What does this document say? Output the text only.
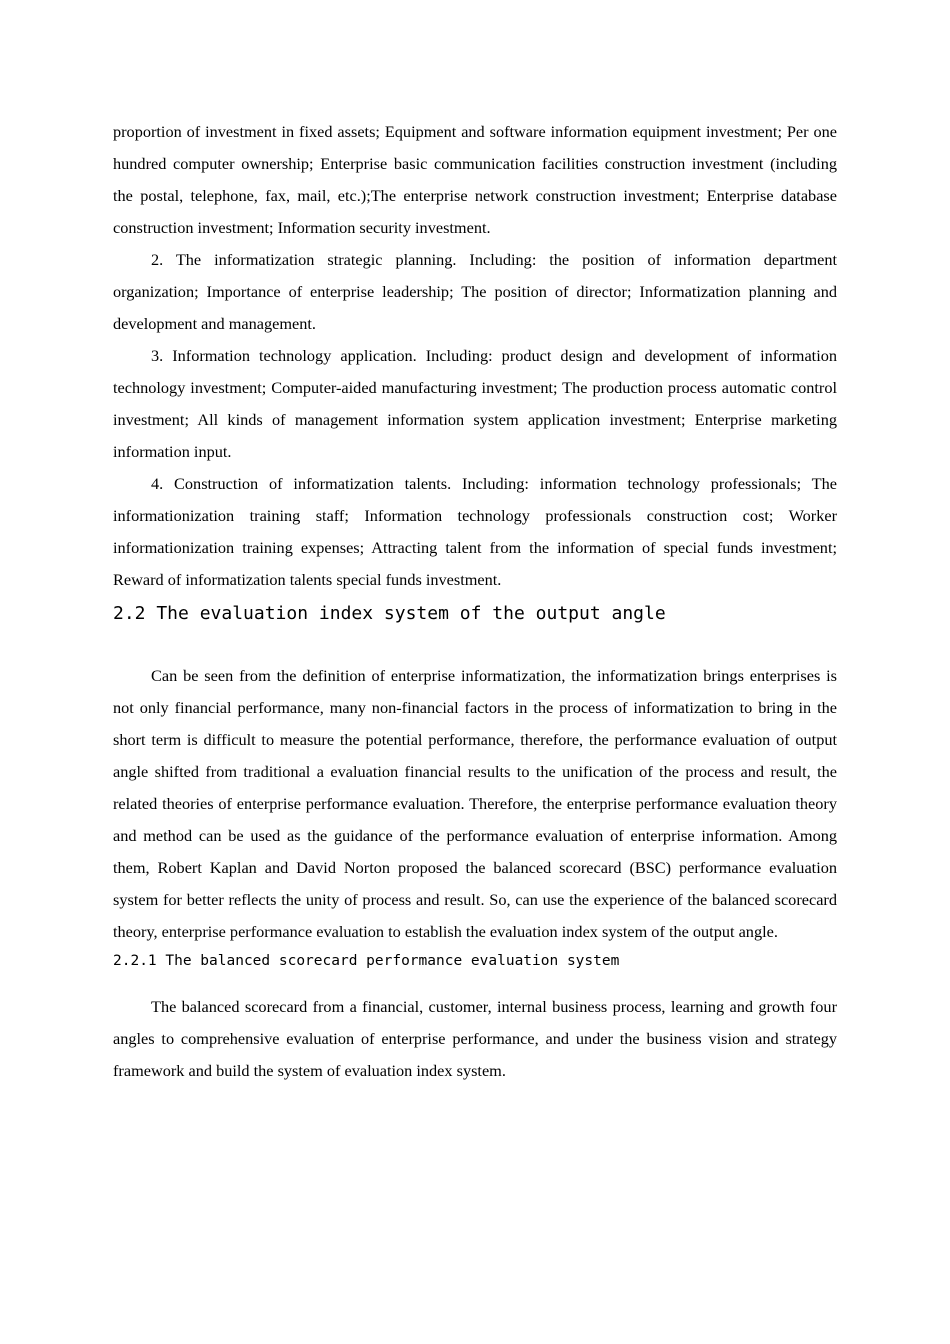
proportion of investment in fixed assets; Equipment and software information equipment investment; Per one hundred computer ownership; Enterprise basic communication facilities construction investment (including the postal, telephone, fax, mail, etc.);The enterprise network construction investment; Enterprise database construction investment; Information security investment.

2. The informatization strategic planning. Including: the position of information department organization; Importance of enterprise leadership; The position of director; Informatization planning and development and management.

3. Information technology application. Including: product design and development of information technology investment; Computer-aided manufacturing investment; The production process automatic control investment; All kinds of management information system application investment; Enterprise marketing information input.

4. Construction of informatization talents. Including: information technology professionals; The informationization training staff; Information technology professionals construction cost; Worker informationization training expenses; Attracting talent from the information of special funds investment; Reward of informatization talents special funds investment.

2.2 The evaluation index system of the output angle

Can be seen from the definition of enterprise informatization, the informatization brings enterprises is not only financial performance, many non-financial factors in the process of informatization to bring in the short term is difficult to measure the potential performance, therefore, the performance evaluation of output angle shifted from traditional a evaluation financial results to the unification of the process and result, the related theories of enterprise performance evaluation. Therefore, the enterprise performance evaluation theory and method can be used as the guidance of the performance evaluation of enterprise information. Among them, Robert Kaplan and David Norton proposed the balanced scorecard (BSC) performance evaluation system for better reflects the unity of process and result. So, can use the experience of the balanced scorecard theory, enterprise performance evaluation to establish the evaluation index system of the output angle.

2.2.1 The balanced scorecard performance evaluation system

The balanced scorecard from a financial, customer, internal business process, learning and growth four angles to comprehensive evaluation of enterprise performance, and under the business vision and strategy framework and build the system of evaluation index system.
